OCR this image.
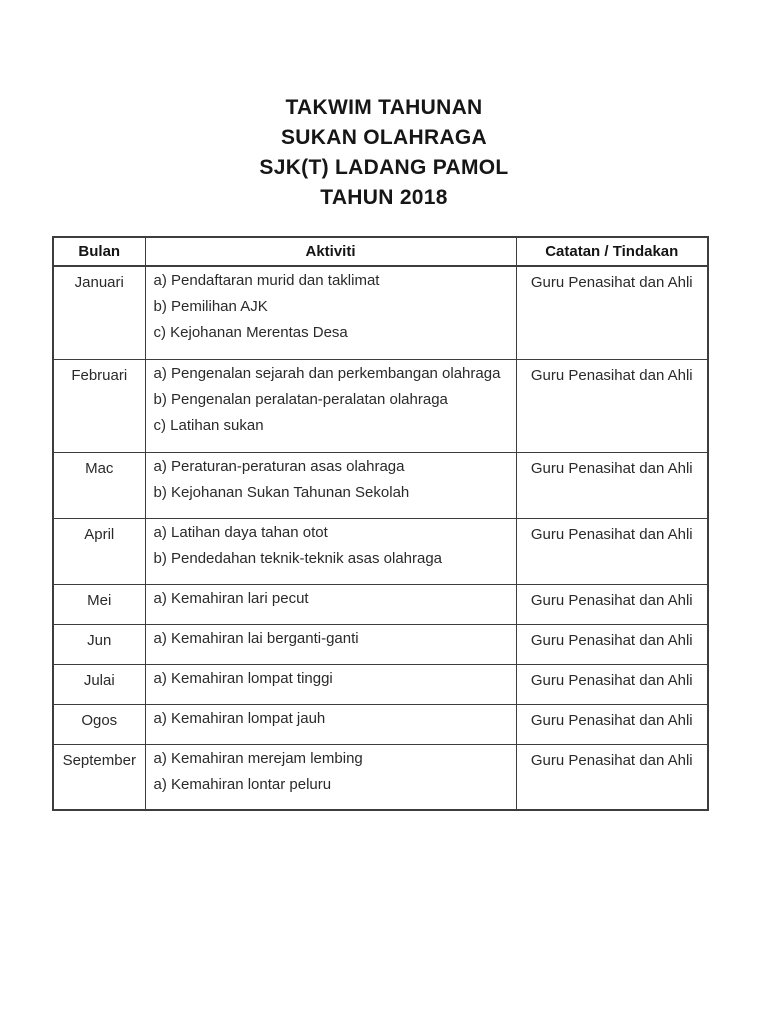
TAKWIM TAHUNAN
SUKAN OLAHRAGA
SJK(T) LADANG PAMOL
TAHUN 2018
Bulan	Aktiviti	Catatan / Tindakan
Januari	a) Pendaftaran murid dan taklimat
b) Pemilihan AJK
c) Kejohanan Merentas Desa	Guru Penasihat dan Ahli
Februari	a) Pengenalan sejarah dan perkembangan olahraga
b) Pengenalan peralatan-peralatan olahraga
c) Latihan sukan	Guru Penasihat dan Ahli
Mac	a) Peraturan-peraturan asas olahraga
b) Kejohanan Sukan Tahunan Sekolah	Guru Penasihat dan Ahli
April	a) Latihan daya tahan otot
b) Pendedahan teknik-teknik asas olahraga	Guru Penasihat dan Ahli
Mei	a) Kemahiran lari pecut	Guru Penasihat dan Ahli
Jun	a) Kemahiran lai berganti-ganti	Guru Penasihat dan Ahli
Julai	a) Kemahiran lompat tinggi	Guru Penasihat dan Ahli
Ogos	a) Kemahiran lompat jauh	Guru Penasihat dan Ahli
September	a) Kemahiran merejam lembing
a) Kemahiran lontar peluru	Guru Penasihat dan Ahli
